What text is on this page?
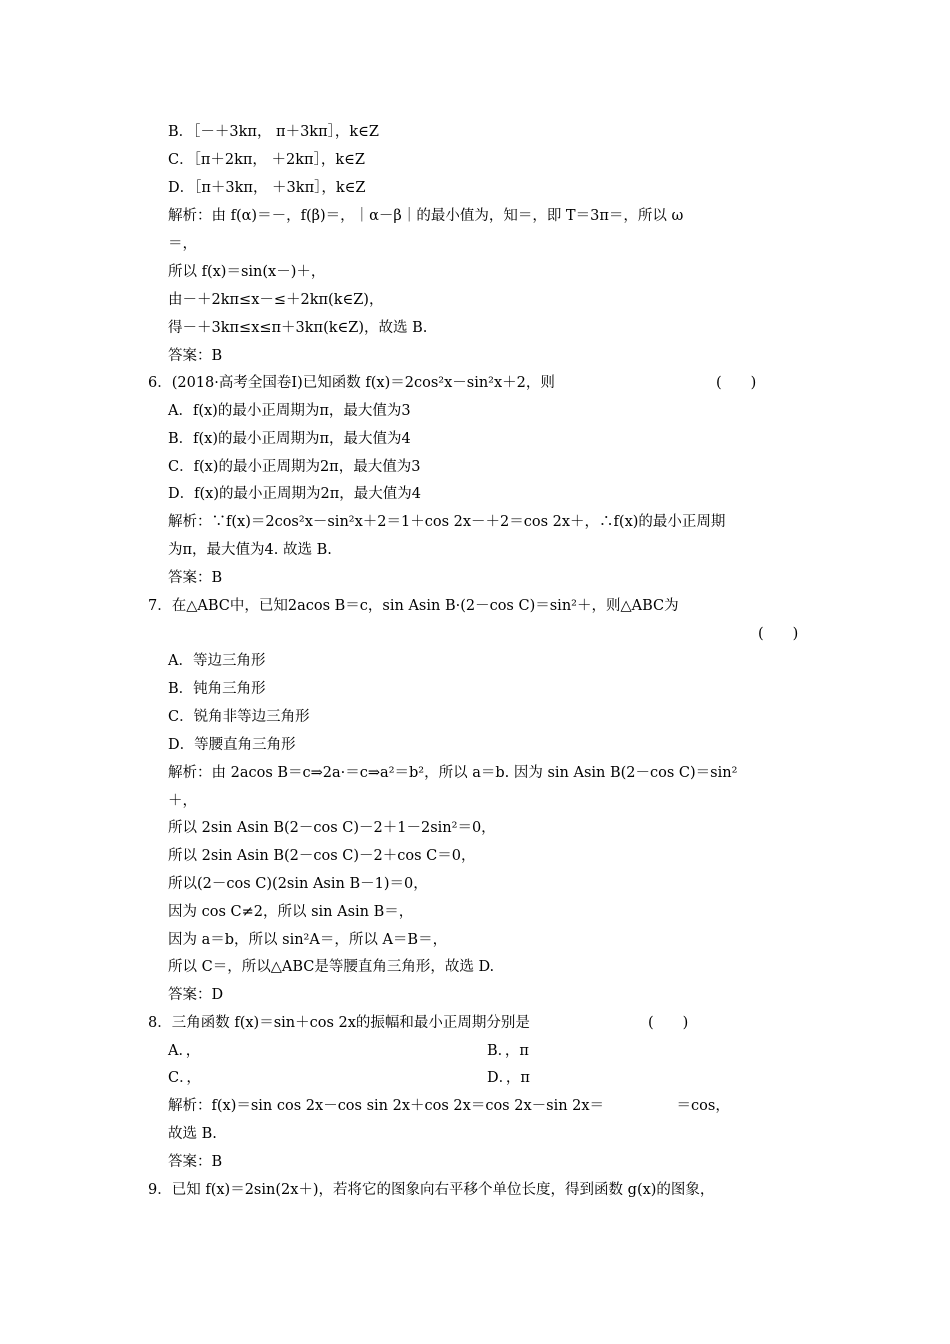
B．［－＋3kπ， π＋3kπ］，k∈Z
C．［π＋2kπ， ＋2kπ］，k∈Z
D．［π＋3kπ， ＋3kπ］，k∈Z
解析：由 f(α)＝－，f(β)＝，｜α－β｜的最小值为，知＝，即 T＝3π＝，所以 ω
＝，
所以 f(x)＝sin(x－)＋，
由－＋2kπ≤x－≤＋2kπ(k∈Z)，
得－＋3kπ≤x≤π＋3kπ(k∈Z)，故选 B.
答案：B
6．(2018·高考全国卷Ⅰ)已知函数 f(x)＝2cos²x－sin²x＋2，则	(　　)
A．f(x)的最小正周期为π，最大值为3
B．f(x)的最小正周期为π，最大值为4
C．f(x)的最小正周期为2π，最大值为3
D．f(x)的最小正周期为2π，最大值为4
解析：∵f(x)＝2cos²x－sin²x＋2＝1＋cos 2x－＋2＝cos 2x＋，∴f(x)的最小正周期
为π，最大值为4. 故选 B.
答案：B
7．在△ABC中，已知2acos B＝c，sin Asin B·(2－cos C)＝sin²＋，则△ABC为
(　　)
A．等边三角形
B．钝角三角形
C．锐角非等边三角形
D．等腰直角三角形
解析：由 2acos B＝c⇒2a·＝c⇒a²＝b²，所以 a＝b. 因为 sin Asin B(2－cos C)＝sin²
＋，
所以 2sin Asin B(2－cos C)－2＋1－2sin²＝0，
所以 2sin Asin B(2－cos C)－2＋cos C＝0，
所以(2－cos C)(2sin Asin B－1)＝0，
因为 cos C≠2，所以 sin Asin B＝，
因为 a＝b，所以 sin²A＝，所以 A＝B＝，
所以 C＝，所以△ABC是等腰直角三角形，故选 D.
答案：D
8．三角函数 f(x)＝sin＋cos 2x的振幅和最小正周期分别是	(　　)
A．，	B．，π
C．，	D．，π
解析：f(x)＝sin cos 2x－cos sin 2x＋cos 2x＝cos 2x－sin 2x＝　　　　　＝cos，
故选 B.
答案：B
9．已知 f(x)＝2sin(2x＋)，若将它的图象向右平移个单位长度，得到函数 g(x)的图象，
